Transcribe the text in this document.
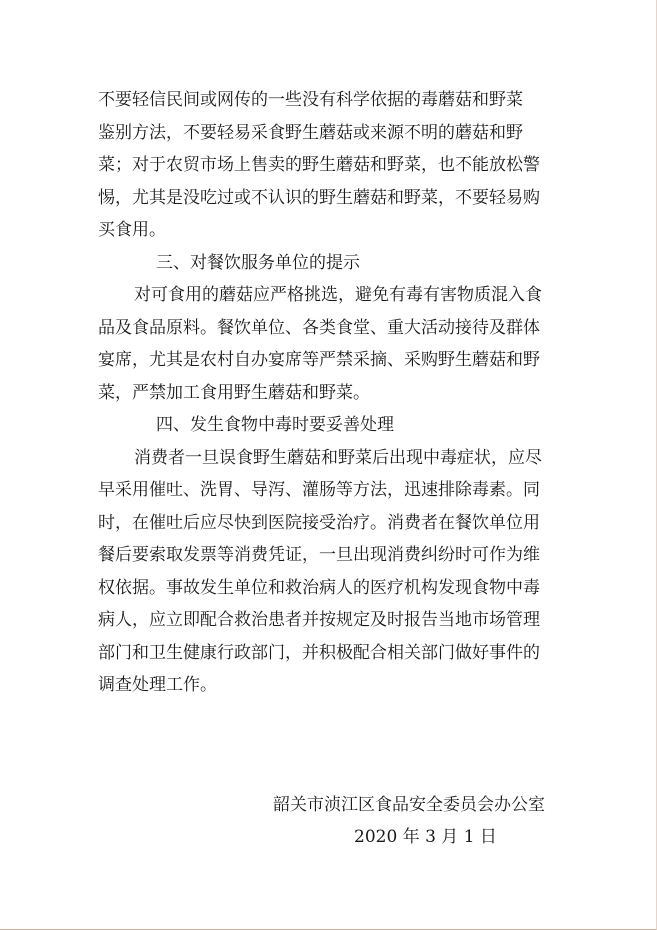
不要轻信民间或网传的一些没有科学依据的毒蘑菇和野菜
鉴别方法，不要轻易采食野生蘑菇或来源不明的蘑菇和野
菜；对于农贸市场上售卖的野生蘑菇和野菜，也不能放松警
惕，尤其是没吃过或不认识的野生蘑菇和野菜，不要轻易购
买食用。
三、对餐饮服务单位的提示
对可食用的蘑菇应严格挑选，避免有毒有害物质混入食
品及食品原料。餐饮单位、各类食堂、重大活动接待及群体
宴席，尤其是农村自办宴席等严禁采摘、采购野生蘑菇和野
菜，严禁加工食用野生蘑菇和野菜。
四、发生食物中毒时要妥善处理
消费者一旦误食野生蘑菇和野菜后出现中毒症状，应尽
早采用催吐、洗胃、导泻、灌肠等方法，迅速排除毒素。同
时，在催吐后应尽快到医院接受治疗。消费者在餐饮单位用
餐后要索取发票等消费凭证，一旦出现消费纠纷时可作为维
权依据。事故发生单位和救治病人的医疗机构发现食物中毒
病人，应立即配合救治患者并按规定及时报告当地市场管理
部门和卫生健康行政部门，并积极配合相关部门做好事件的
调查处理工作。
韶关市浈江区食品安全委员会办公室
2020 年 3 月 1 日
